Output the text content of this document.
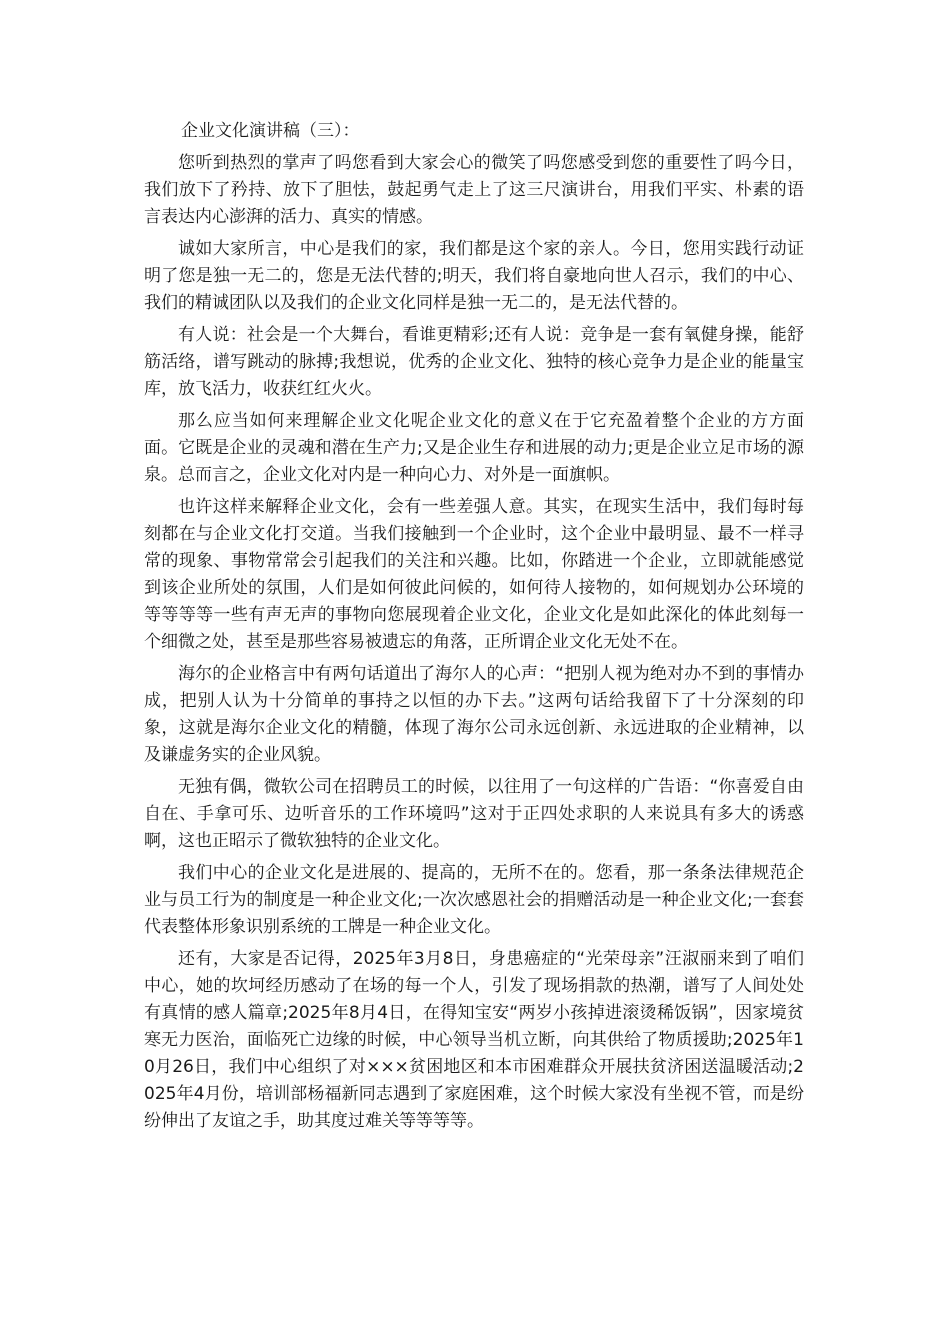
企业文化演讲稿（三）：

您听到热烈的掌声了吗您看到大家会心的微笑了吗您感受到您的重要性了吗今日，我们放下了矜持、放下了胆怯，鼓起勇气走上了这三尺演讲台，用我们平实、朴素的语言表达内心澎湃的活力、真实的情感。

诚如大家所言，中心是我们的家，我们都是这个家的亲人。今日，您用实践行动证明了您是独一无二的，您是无法代替的;明天，我们将自豪地向世人召示，我们的中心、我们的精诚团队以及我们的企业文化同样是独一无二的，是无法代替的。

有人说：社会是一个大舞台，看谁更精彩;还有人说：竞争是一套有氧健身操，能舒筋活络，谱写跳动的脉搏;我想说，优秀的企业文化、独特的核心竞争力是企业的能量宝库，放飞活力，收获红红火火。

那么应当如何来理解企业文化呢企业文化的意义在于它充盈着整个企业的方方面面。它既是企业的灵魂和潜在生产力;又是企业生存和进展的动力;更是企业立足市场的源泉。总而言之，企业文化对内是一种向心力、对外是一面旗帜。

也许这样来解释企业文化，会有一些差强人意。其实，在现实生活中，我们每时每刻都在与企业文化打交道。当我们接触到一个企业时，这个企业中最明显、最不一样寻常的现象、事物常常会引起我们的关注和兴趣。比如，你踏进一个企业，立即就能感觉到该企业所处的氛围，人们是如何彼此问候的，如何待人接物的，如何规划办公环境的等等等等一些有声无声的事物向您展现着企业文化，企业文化是如此深化的体此刻每一个细微之处，甚至是那些容易被遗忘的角落，正所谓企业文化无处不在。

海尔的企业格言中有两句话道出了海尔人的心声：“把别人视为绝对办不到的事情办成，把别人认为十分简单的事持之以恒的办下去。”这两句话给我留下了十分深刻的印象，这就是海尔企业文化的精髓，体现了海尔公司永远创新、永远进取的企业精神，以及谦虚务实的企业风貌。

无独有偶，微软公司在招聘员工的时候，以往用了一句这样的广告语：“你喜爱自由自在、手拿可乐、边听音乐的工作环境吗”这对于正四处求职的人来说具有多大的诱惑啊，这也正昭示了微软独特的企业文化。

我们中心的企业文化是进展的、提高的，无所不在的。您看，那一条条法律规范企业与员工行为的制度是一种企业文化;一次次感恩社会的捐赠活动是一种企业文化;一套套代表整体形象识别系统的工牌是一种企业文化。

还有，大家是否记得，2025年3月8日，身患癌症的“光荣母亲”汪淑丽来到了咱们中心，她的坎坷经历感动了在场的每一个人，引发了现场捐款的热潮，谱写了人间处处有真情的感人篇章;2025年8月4日，在得知宝安“两岁小孩掉进滚烫稀饭锅”，因家境贫寒无力医治，面临死亡边缘的时候，中心领导当机立断，向其供给了物质援助;2025年10月26日，我们中心组织了对×××贫困地区和本市困难群众开展扶贫济困送温暖活动;2025年4月份，培训部杨福新同志遇到了家庭困难，这个时候大家没有坐视不管，而是纷纷伸出了友谊之手，助其度过难关等等等等。
